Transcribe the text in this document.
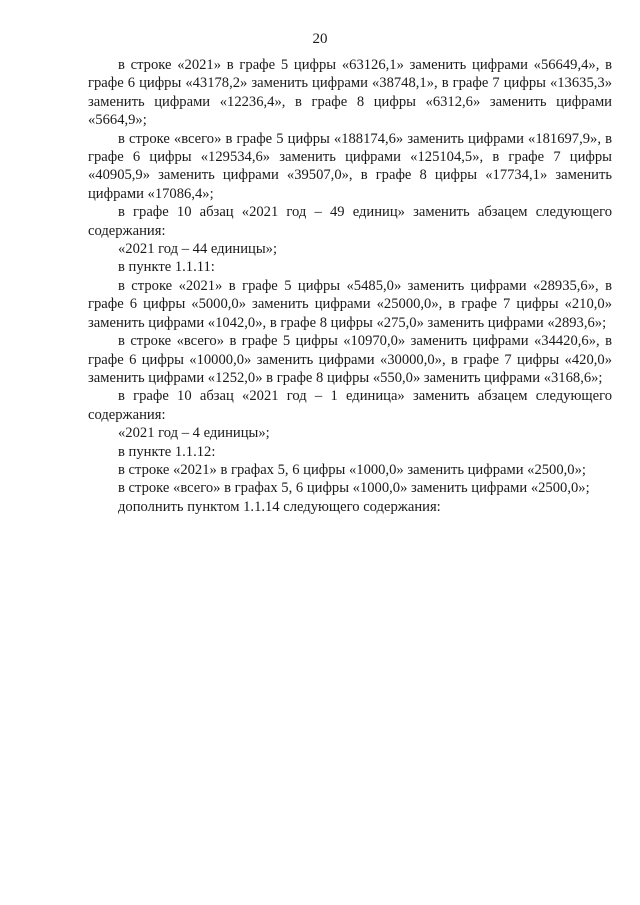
20

в строке «2021» в графе 5 цифры «63126,1» заменить цифрами «56649,4», в графе 6 цифры «43178,2» заменить цифрами «38748,1», в графе 7 цифры «13635,3» заменить цифрами «12236,4», в графе 8 цифры «6312,6» заменить цифрами «5664,9»;

в строке «всего» в графе 5 цифры «188174,6» заменить цифрами «181697,9», в графе 6 цифры «129534,6» заменить цифрами «125104,5», в графе 7 цифры «40905,9» заменить цифрами «39507,0», в графе 8 цифры «17734,1» заменить цифрами «17086,4»;

в графе 10 абзац «2021 год – 49 единиц» заменить абзацем следующего содержания:

«2021 год – 44 единицы»;

в пункте 1.1.11:

в строке «2021» в графе 5 цифры «5485,0» заменить цифрами «28935,6», в графе 6 цифры «5000,0» заменить цифрами «25000,0», в графе 7 цифры «210,0» заменить цифрами «1042,0», в графе 8 цифры «275,0» заменить цифрами «2893,6»;

в строке «всего» в графе 5 цифры «10970,0» заменить цифрами «34420,6», в графе 6 цифры «10000,0» заменить цифрами «30000,0», в графе 7 цифры «420,0» заменить цифрами «1252,0» в графе 8 цифры «550,0» заменить цифрами «3168,6»;

в графе 10 абзац «2021 год – 1 единица» заменить абзацем следующего содержания:

«2021 год – 4 единицы»;

в пункте 1.1.12:

в строке «2021» в графах 5, 6 цифры «1000,0» заменить цифрами «2500,0»;

в строке «всего» в графах 5, 6 цифры «1000,0» заменить цифрами «2500,0»;

дополнить пунктом 1.1.14 следующего содержания:
